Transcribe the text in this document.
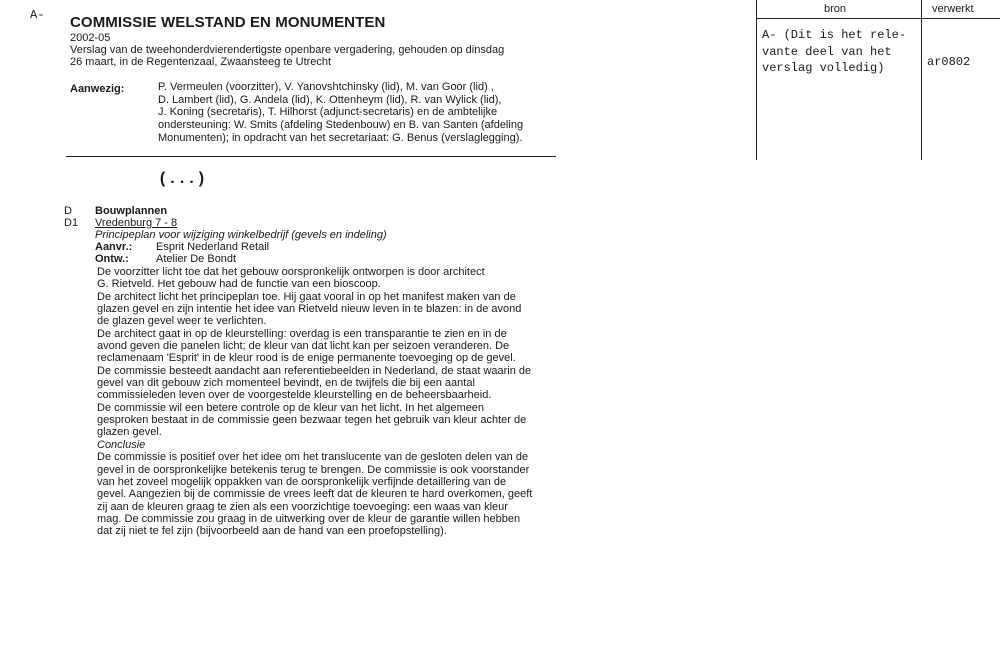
A- COMMISSIE WELSTAND EN MONUMENTEN
2002-05
Verslag van de tweehonderdvierendertigste openbare vergadering, gehouden op dinsdag
26 maart, in de Regentenzaal, Zwaansteeg te Utrecht
Aanwezig:	P. Vermeulen (voorzitter), V. Yanovshtchinsky (lid), M. van Goor (lid) ,
D. Lambert (lid), G. Andela (lid), K. Ottenheym (lid), R. van Wylick (lid),
J. Koning (secretaris), T. Hilhorst (adjunct-secretaris) en de ambtelijke
ondersteuning: W. Smits (afdeling Stedenbouw) en B. van Santen (afdeling
Monumenten); in opdracht van het secretariaat: G. Benus (verslaglegging).
(...)
D Bouwplannen
D1 Vredenburg 7 - 8
Principeplan voor wijziging winkelbedrijf (gevels en indeling)
Aanvr.: Esprit Nederland Retail
Ontw.: Atelier De Bondt
De voorzitter licht toe dat het gebouw oorspronkelijk ontworpen is door architect
G. Rietveld. Het gebouw had de functie van een bioscoop.
De architect licht het principeplan toe. Hij gaat vooral in op het manifest maken van de
glazen gevel en zijn intentie het idee van Rietveld nieuw leven in te blazen: in de avond
de glazen gevel weer te verlichten.
De architect gaat in op de kleurstelling: overdag is een transparantie te zien en in de
avond geven die panelen licht; de kleur van dat licht kan per seizoen veranderen. De
reclamenaam 'Esprit' in de kleur rood is de enige permanente toevoeging op de gevel.
De commissie besteedt aandacht aan referentiebeelden in Nederland, de staat waarin de
gevel van dit gebouw zich momenteel bevindt, en de twijfels die bij een aantal
commissieleden leven over de voorgestelde kleurstelling en de beheersbaarheid.
De commissie wil een betere controle op de kleur van het licht. In het algemeen
gesproken bestaat in de commissie geen bezwaar tegen het gebruik van kleur achter de
glazen gevel.
Conclusie
De commissie is positief over het idee om het translucente van de gesloten delen van de
gevel in de oorspronkelijke betekenis terug te brengen. De commissie is ook voorstander
van het zoveel mogelijk oppakken van de oorspronkelijk verfijnde detaillering van de
gevel. Aangezien bij de commissie de vrees leeft dat de kleuren te hard overkomen, geeft
zij aan de kleuren graag te zien als een voorzichtige toevoeging: een waas van kleur
mag. De commissie zou graag in de uitwerking over de kleur de garantie willen hebben
dat zij niet te fel zijn (bijvoorbeeld aan de hand van een proefopstelling).
bron	verwerkt
A- (Dit is het rele-
vante deel van het
verslag volledig)	ar0802
